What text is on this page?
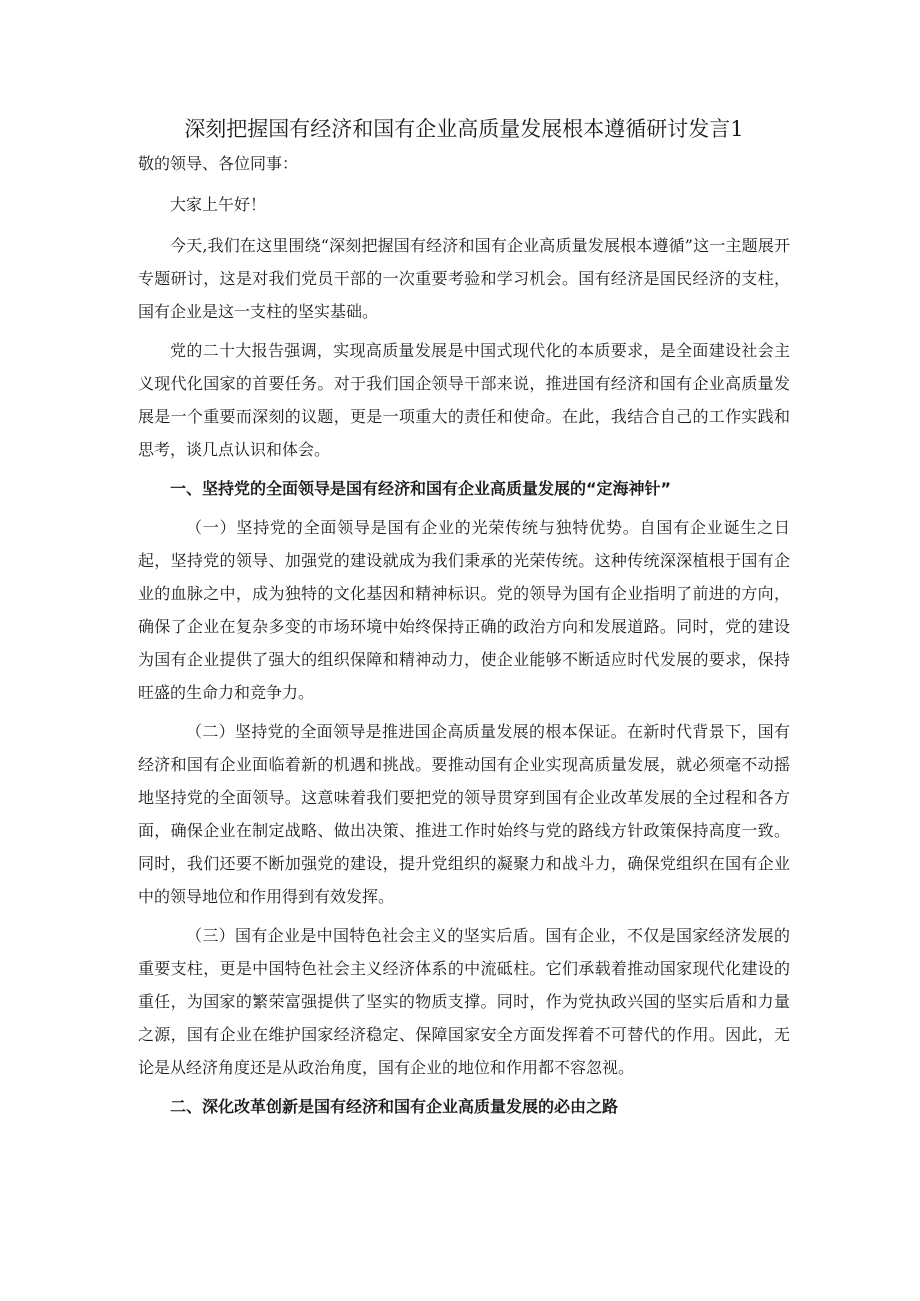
深刻把握国有经济和国有企业高质量发展根本遵循研讨发言1

敬的领导、各位同事：

大家上午好！

今天,我们在这里围绕“深刻把握国有经济和国有企业高质量发展根本遵循”这一主题展开专题研讨，这是对我们党员干部的一次重要考验和学习机会。国有经济是国民经济的支柱，国有企业是这一支柱的坚实基础。

党的二十大报告强调，实现高质量发展是中国式现代化的本质要求，是全面建设社会主义现代化国家的首要任务。对于我们国企领导干部来说，推进国有经济和国有企业高质量发展是一个重要而深刻的议题，更是一项重大的责任和使命。在此，我结合自己的工作实践和思考，谈几点认识和体会。

一、坚持党的全面领导是国有经济和国有企业高质量发展的“定海神针”

（一）坚持党的全面领导是国有企业的光荣传统与独特优势。自国有企业诞生之日起，坚持党的领导、加强党的建设就成为我们秉承的光荣传统。这种传统深深植根于国有企业的血脉之中，成为独特的文化基因和精神标识。党的领导为国有企业指明了前进的方向，确保了企业在复杂多变的市场环境中始终保持正确的政治方向和发展道路。同时，党的建设为国有企业提供了强大的组织保障和精神动力，使企业能够不断适应时代发展的要求，保持旺盛的生命力和竞争力。

（二）坚持党的全面领导是推进国企高质量发展的根本保证。在新时代背景下，国有经济和国有企业面临着新的机遇和挑战。要推动国有企业实现高质量发展，就必须毫不动摇地坚持党的全面领导。这意味着我们要把党的领导贯穿到国有企业改革发展的全过程和各方面，确保企业在制定战略、做出决策、推进工作时始终与党的路线方针政策保持高度一致。同时，我们还要不断加强党的建设，提升党组织的凝聚力和战斗力，确保党组织在国有企业中的领导地位和作用得到有效发挥。

（三）国有企业是中国特色社会主义的坚实后盾。国有企业，不仅是国家经济发展的重要支柱，更是中国特色社会主义经济体系的中流砥柱。它们承载着推动国家现代化建设的重任，为国家的繁荣富强提供了坚实的物质支撑。同时，作为党执政兴国的坚实后盾和力量之源，国有企业在维护国家经济稳定、保障国家安全方面发挥着不可替代的作用。因此，无论是从经济角度还是从政治角度，国有企业的地位和作用都不容忽视。

二、深化改革创新是国有经济和国有企业高质量发展的必由之路
